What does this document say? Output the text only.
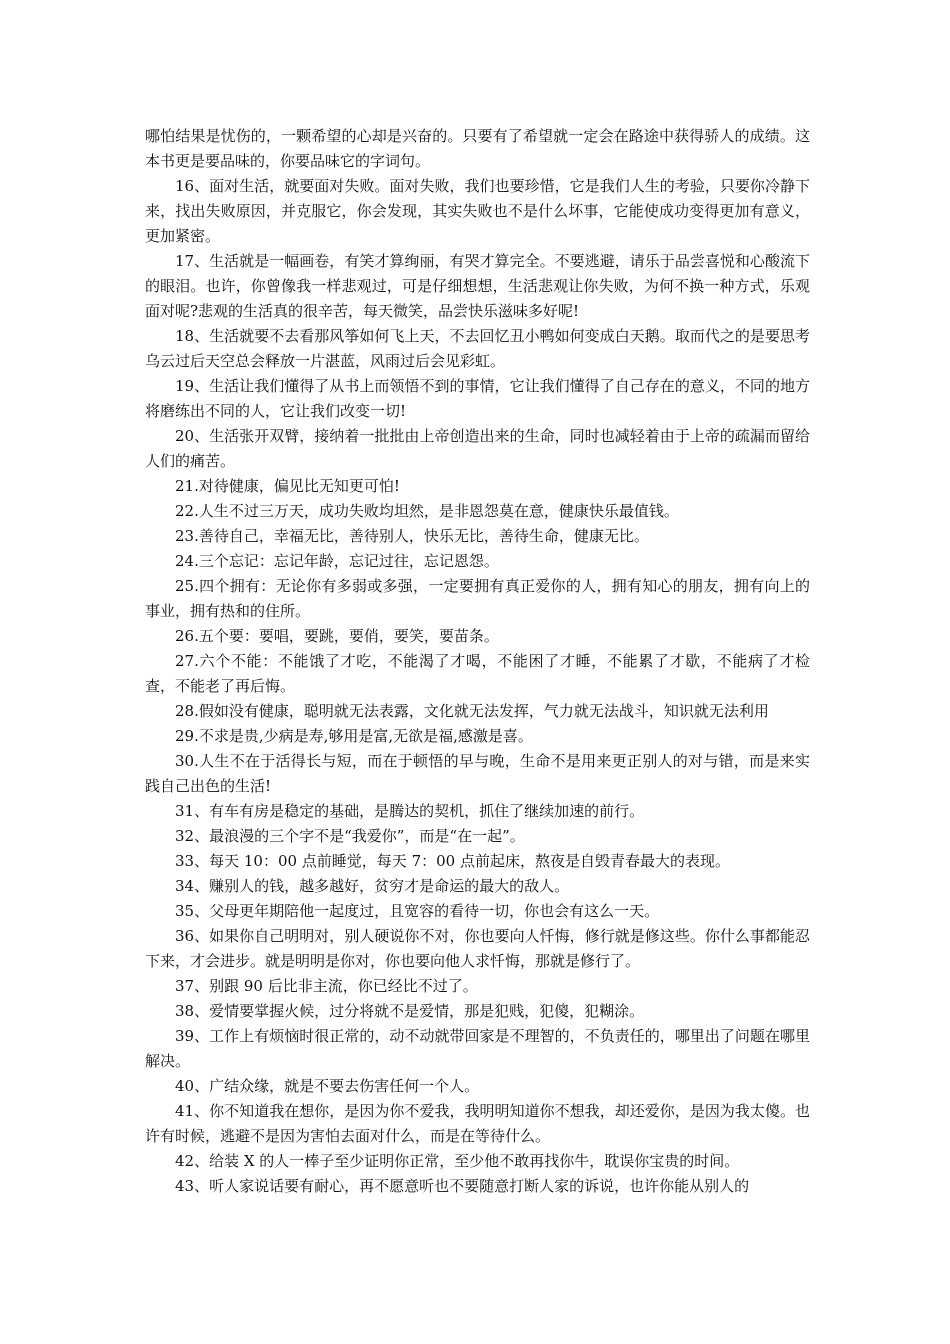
哪怕结果是忧伤的，一颗希望的心却是兴奋的。只要有了希望就一定会在路途中获得骄人的成绩。这本书更是要品味的，你要品味它的字词句。

16、面对生活，就要面对失败。面对失败，我们也要珍惜，它是我们人生的考验，只要你冷静下来，找出失败原因，并克服它，你会发现，其实失败也不是什么坏事，它能使成功变得更加有意义，更加紧密。

17、生活就是一幅画卷，有笑才算绚丽，有哭才算完全。不要逃避，请乐于品尝喜悦和心酸流下的眼泪。也许，你曾像我一样悲观过，可是仔细想想，生活悲观让你失败，为何不换一种方式，乐观面对呢?悲观的生活真的很辛苦，每天微笑，品尝快乐滋味多好呢!

18、生活就要不去看那风筝如何飞上天，不去回忆丑小鸭如何变成白天鹅。取而代之的是要思考乌云过后天空总会释放一片湛蓝，风雨过后会见彩虹。

19、生活让我们懂得了从书上而领悟不到的事情，它让我们懂得了自己存在的意义，不同的地方将磨练出不同的人，它让我们改变一切!

20、生活张开双臂，接纳着一批批由上帝创造出来的生命，同时也减轻着由于上帝的疏漏而留给人们的痛苦。

21.对待健康，偏见比无知更可怕!

22.人生不过三万天，成功失败均坦然，是非恩怨莫在意，健康快乐最值钱。

23.善待自己，幸福无比，善待别人，快乐无比，善待生命，健康无比。

24.三个忘记：忘记年龄，忘记过往，忘记恩怨。

25.四个拥有：无论你有多弱或多强，一定要拥有真正爱你的人，拥有知心的朋友，拥有向上的事业，拥有热和的住所。

26.五个要：要唱，要跳，要俏，要笑，要苗条。

27.六个不能：不能饿了才吃，不能渴了才喝，不能困了才睡，不能累了才歇，不能病了才检查，不能老了再后悔。

28.假如没有健康，聪明就无法表露，文化就无法发挥，气力就无法战斗，知识就无法利用

29.不求是贵,少病是寿,够用是富,无欲是福,感激是喜。

30.人生不在于活得长与短，而在于顿悟的早与晚，生命不是用来更正别人的对与错，而是来实践自己出色的生活!

31、有车有房是稳定的基础，是腾达的契机，抓住了继续加速的前行。

32、最浪漫的三个字不是“我爱你”，而是“在一起”。

33、每天 10：00 点前睡觉，每天 7：00 点前起床，熬夜是自毁青春最大的表现。

34、赚别人的钱，越多越好，贫穷才是命运的最大的敌人。

35、父母更年期陪他一起度过，且宽容的看待一切，你也会有这么一天。

36、如果你自己明明对，别人硬说你不对，你也要向人忏悔，修行就是修这些。你什么事都能忍下来，才会进步。就是明明是你对，你也要向他人求忏悔，那就是修行了。

37、别跟 90 后比非主流，你已经比不过了。

38、爱情要掌握火候，过分将就不是爱情，那是犯贱，犯傻，犯糊涂。

39、工作上有烦恼时很正常的，动不动就带回家是不理智的，不负责任的，哪里出了问题在哪里解决。

40、广结众缘，就是不要去伤害任何一个人。

41、你不知道我在想你，是因为你不爱我，我明明知道你不想我，却还爱你，是因为我太傻。也许有时候，逃避不是因为害怕去面对什么，而是在等待什么。

42、给装 X 的人一棒子至少证明你正常，至少他不敢再找你牛，耽误你宝贵的时间。

43、听人家说话要有耐心，再不愿意听也不要随意打断人家的诉说，也许你能从别人的
